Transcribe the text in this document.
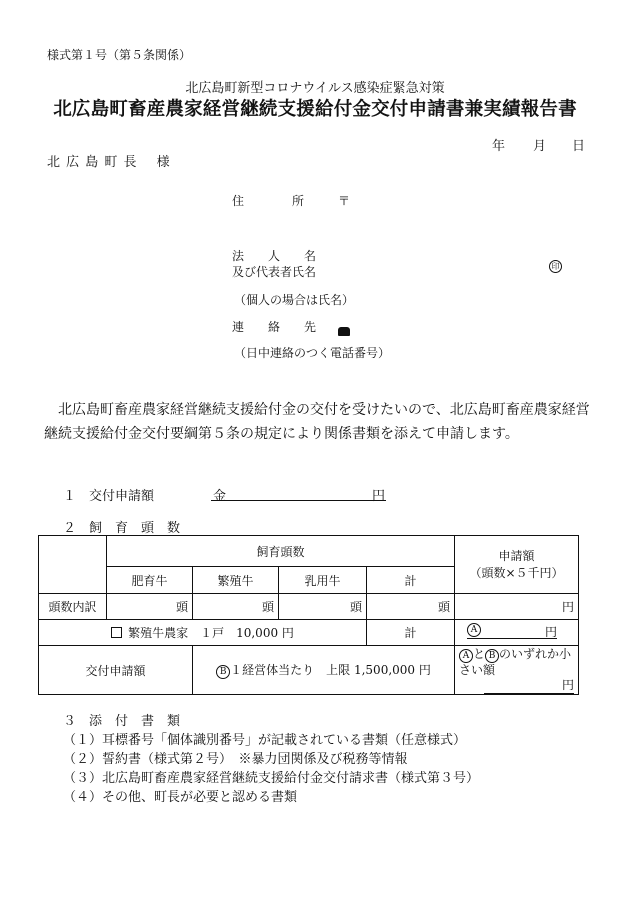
様式第１号（第５条関係）
北広島町新型コロナウイルス感染症緊急対策
北広島町畜産農家経営継続支援給付金交付申請書兼実績報告書
年 月 日
北 広 島 町 長　 様
住　　　　所	〒
法　　人　　名
及び代表者氏名	印
（個人の場合は氏名）
連　　絡　　先
（日中連絡のつく電話番号）
北広島町畜産農家経営継続支援給付金の交付を受けたいので、北広島町畜産農家経営継続支援給付金交付要綱第５条の規定により関係書類を添えて申請します。
１　交付申請額	金	円
２　飼　育　頭　数
	飼育頭数				申請額
（頭数×５千円）

	肥育牛	繁殖牛	乳用牛	計	
頭数内訳	頭	頭	頭	頭	円
繁殖牛農家　１戸　10,000 円				計	A 円

交付申請額		B １経営体当たり　上限 1,500,000 円			A と B のいずれか小さい額
円
３　添　付　書　類
（１）耳標番号「個体識別番号」が記載されている書類（任意様式）
（２）誓約書（様式第２号）　※暴力団関係及び税務等情報
（３）北広島町畜産農家経営継続支援給付金交付請求書（様式第３号）
（４）その他、町長が必要と認める書類
